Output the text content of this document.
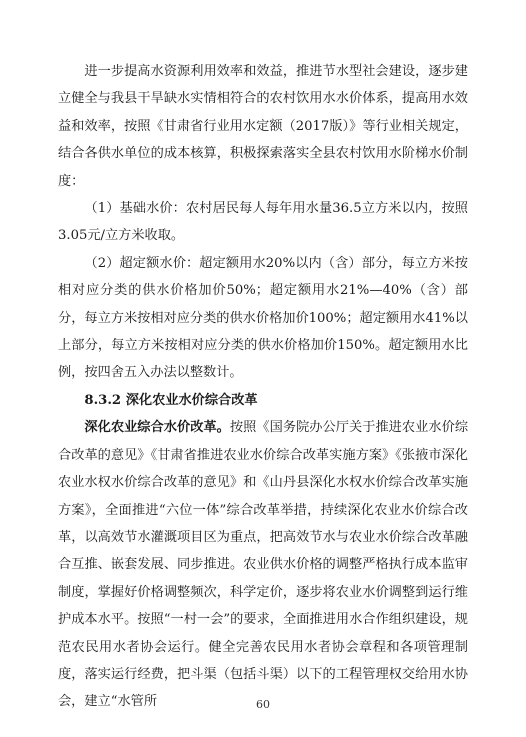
进一步提高水资源利用效率和效益，推进节水型社会建设，逐步建立健全与我县干旱缺水实情相符合的农村饮用水水价体系，提高用水效益和效率，按照《甘肃省行业用水定额（2017版）》等行业相关规定，结合各供水单位的成本核算，积极探索落实全县农村饮用水阶梯水价制度：

（1）基础水价：农村居民每人每年用水量36.5立方米以内，按照3.05元/立方米收取。

（2）超定额水价：超定额用水20%以内（含）部分，每立方米按相对应分类的供水价格加价50%；超定额用水21%—40%（含）部分，每立方米按相对应分类的供水价格加价100%；超定额用水41%以上部分，每立方米按相对应分类的供水价格加价150%。超定额用水比例，按四舍五入办法以整数计。

8.3.2 深化农业水价综合改革

深化农业综合水价改革。按照《国务院办公厅关于推进农业水价综合改革的意见》《甘肃省推进农业水价综合改革实施方案》《张掖市深化农业水权水价综合改革的意见》和《山丹县深化水权水价综合改革实施方案》，全面推进“六位一体”综合改革举措，持续深化农业水价综合改革，以高效节水灌溉项目区为重点，把高效节水与农业水价综合改革融合互推、嵌套发展、同步推进。农业供水价格的调整严格执行成本监审制度，掌握好价格调整频次，科学定价，逐步将农业水价调整到运行维护成本水平。按照“一村一会”的要求，全面推进用水合作组织建设，规范农民用水者协会运行。健全完善农民用水者协会章程和各项管理制度，落实运行经费，把斗渠（包括斗渠）以下的工程管理权交给用水协会，建立“水管所	60
